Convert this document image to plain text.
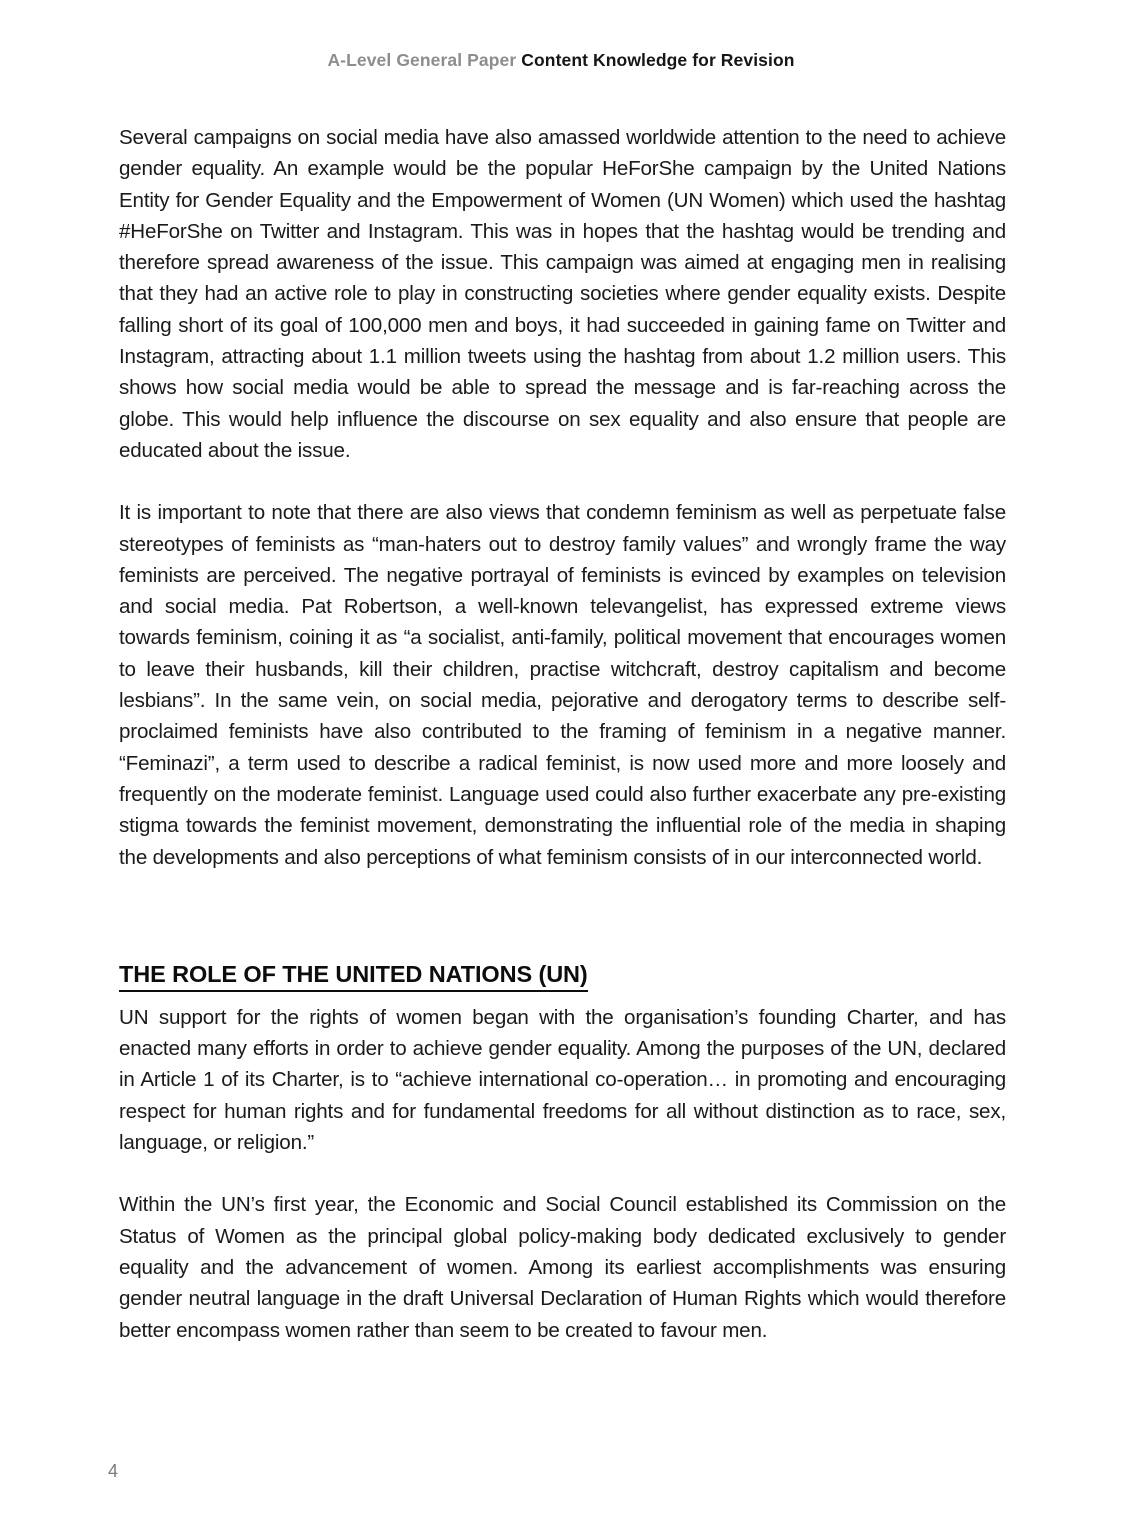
A-Level General Paper Content Knowledge for Revision

Several campaigns on social media have also amassed worldwide attention to the need to achieve gender equality. An example would be the popular HeForShe campaign by the United Nations Entity for Gender Equality and the Empowerment of Women (UN Women) which used the hashtag #HeForShe on Twitter and Instagram. This was in hopes that the hashtag would be trending and therefore spread awareness of the issue. This campaign was aimed at engaging men in realising that they had an active role to play in constructing societies where gender equality exists. Despite falling short of its goal of 100,000 men and boys, it had succeeded in gaining fame on Twitter and Instagram, attracting about 1.1 million tweets using the hashtag from about 1.2 million users. This shows how social media would be able to spread the message and is far-reaching across the globe. This would help influence the discourse on sex equality and also ensure that people are educated about the issue.

It is important to note that there are also views that condemn feminism as well as perpetuate false stereotypes of feminists as “man-haters out to destroy family values” and wrongly frame the way feminists are perceived. The negative portrayal of feminists is evinced by examples on television and social media. Pat Robertson, a well-known televangelist, has expressed extreme views towards feminism, coining it as “a socialist, anti-family, political movement that encourages women to leave their husbands, kill their children, practise witchcraft, destroy capitalism and become lesbians”. In the same vein, on social media, pejorative and derogatory terms to describe self-proclaimed feminists have also contributed to the framing of feminism in a negative manner. “Feminazi”, a term used to describe a radical feminist, is now used more and more loosely and frequently on the moderate feminist. Language used could also further exacerbate any pre-existing stigma towards the feminist movement, demonstrating the influential role of the media in shaping the developments and also perceptions of what feminism consists of in our interconnected world.

THE ROLE OF THE UNITED NATIONS (UN)

UN support for the rights of women began with the organisation’s founding Charter, and has enacted many efforts in order to achieve gender equality. Among the purposes of the UN, declared in Article 1 of its Charter, is to “achieve international co-operation… in promoting and encouraging respect for human rights and for fundamental freedoms for all without distinction as to race, sex, language, or religion.”

Within the UN’s first year, the Economic and Social Council established its Commission on the Status of Women as the principal global policy-making body dedicated exclusively to gender equality and the advancement of women. Among its earliest accomplishments was ensuring gender neutral language in the draft Universal Declaration of Human Rights which would therefore better encompass women rather than seem to be created to favour men.

4
